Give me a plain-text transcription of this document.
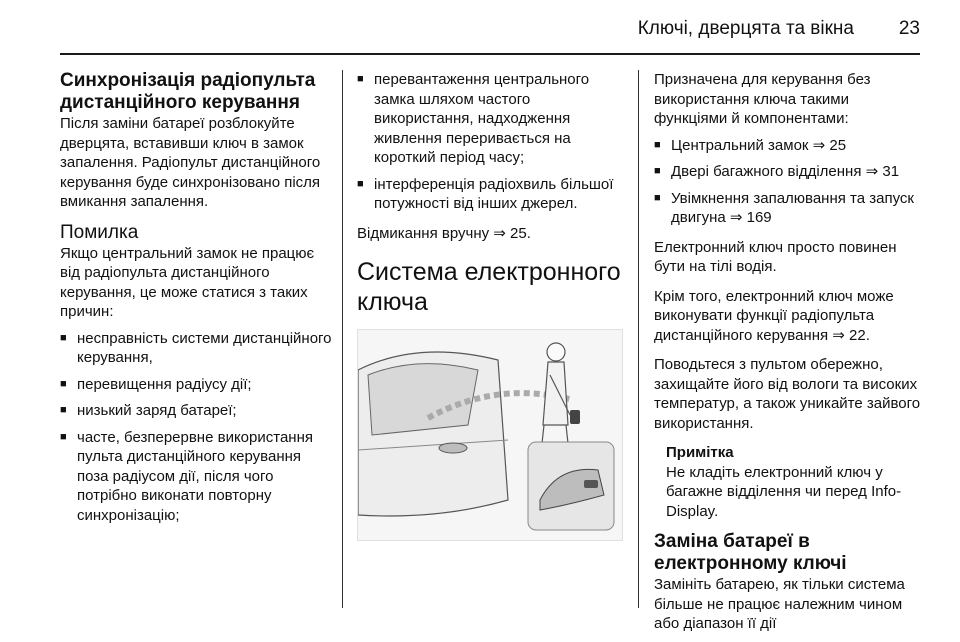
Ключі, дверцята та вікна 23
Синхронізація радіопульта дистанційного керування

Після заміни батареї розблокуйте дверцята, вставивши ключ в замок запалення. Радіопульт дистанційного керування буде синхронізовано після вмикання запалення.

Помилка

Якщо центральний замок не працює від радіопульта дистанційного керування, це може статися з таких причин:

■ несправність системи дистанційного керування,
■ перевищення радіусу дії;
■ низький заряд батареї;
■ часте, безперервне використання пульта дистанційного керування поза радіусом дії, після чого потрібно виконати повторну синхронізацію;
■ перевантаження центрального замка шляхом частого використання, надходження живлення переривається на короткий період часу;
■ інтерференція радіохвиль більшої потужності від інших джерел.

Відмикання вручну ⇒ 25.

Система електронного ключа

Призначена для керування без використання ключа такими функціями й компонентами:

■ Центральний замок ⇒ 25
■ Двері багажного відділення ⇒ 31
■ Увімкнення запалювання та запуск двигуна ⇒ 169

Електронний ключ просто повинен бути на тілі водія.

Крім того, електронний ключ може виконувати функції радіопульта дистанційного керування ⇒ 22.

Поводьтеся з пультом обережно, захищайте його від вологи та високих температур, а також уникайте зайвого використання.

Примітка
Не кладіть електронний ключ у багажне відділення чи перед Info-Display.
Заміна батареї в електронному ключі

Замініть батарею, як тільки система більше не працює належним чином або діапазон її дії
